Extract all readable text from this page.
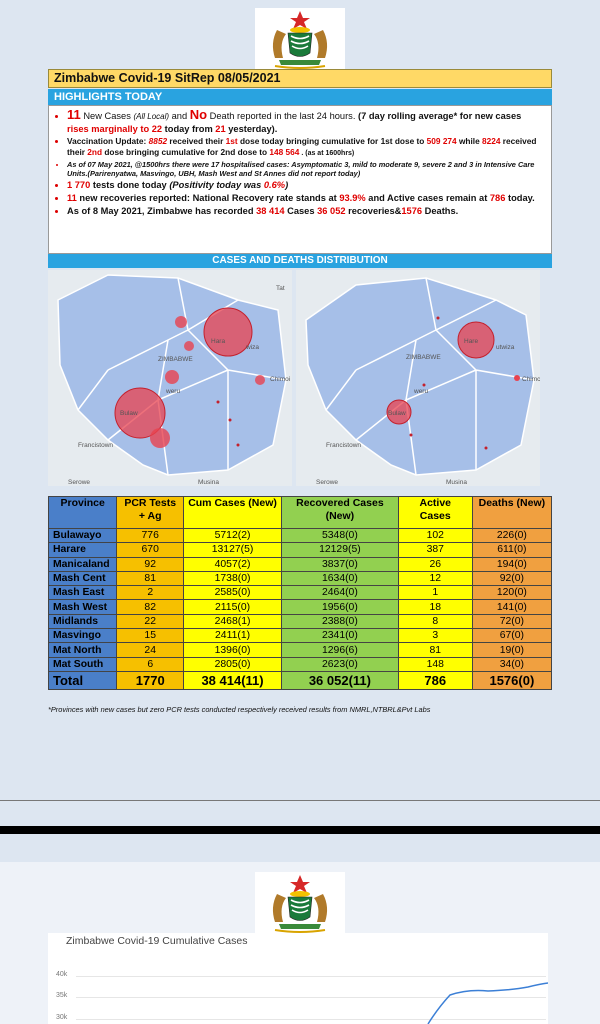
Zimbabwe Covid-19 SitRep 08/05/2021
HIGHLIGHTS TODAY
• 11 New Cases (All Local) and No Death reported in the last 24 hours. (7 day rolling average* for new cases rises marginally to 22 today from 21 yesterday).
• Vaccination Update: 8852 received their 1st dose today bringing cumulative for 1st dose to 509 274 while 8224 received their 2nd dose bringing cumulative for 2nd dose to 148 564 . (as at 1600hrs)
• As of 07 May 2021, @1500hrs there were 17 hospitalised cases: Asymptomatic 3, mild to moderate 9, severe 2 and 3 in Intensive Care Units.(Parirenyatwa, Masvingo, UBH, Mash West and St Annes did not report today)
• 1 770 tests done today (Positivity today was 0.6%)
• 11 new recoveries reported: National Recovery rate stands at 93.9% and Active cases remain at 786 today.
• As of 8 May 2021, Zimbabwe has recorded 38 414 Cases 36 052 recoveries&1576 Deaths.
CASES AND DEATHS DISTRIBUTION
ZIMBABWE
Francistown
Musina
Serowe
Tat
Hara
weru
Bulaw
Chimoi
wiza
ZIMBABWE
Francistown
Musina
Serowe
Hare
weru
Bulaw
Chimc
utwiza
Province	PCR Tests + Ag	Cum Cases (New)	Recovered Cases (New)	Active Cases	Deaths (New)
Bulawayo	776	5712(2)	5348(0)	102	226(0)
Harare	670	13127(5)	12129(5)	387	611(0)
Manicaland	92	4057(2)	3837(0)	26	194(0)
Mash Cent	81	1738(0)	1634(0)	12	92(0)
Mash East	2	2585(0)	2464(0)	1	120(0)
Mash West	82	2115(0)	1956(0)	18	141(0)
Midlands	22	2468(1)	2388(0)	8	72(0)
Masvingo	15	2411(1)	2341(0)	3	67(0)
Mat North	24	1396(0)	1296(6)	81	19(0)
Mat South	6	2805(0)	2623(0)	148	34(0)
Total	1770	38 414(11)	36 052(11)	786	1576(0)
*Provinces with new cases but zero PCR tests conducted respectively received results from NMRL,NTBRL&Pvt Labs
Zimbabwe Covid-19 Cumulative Cases
40k
35k
30k
